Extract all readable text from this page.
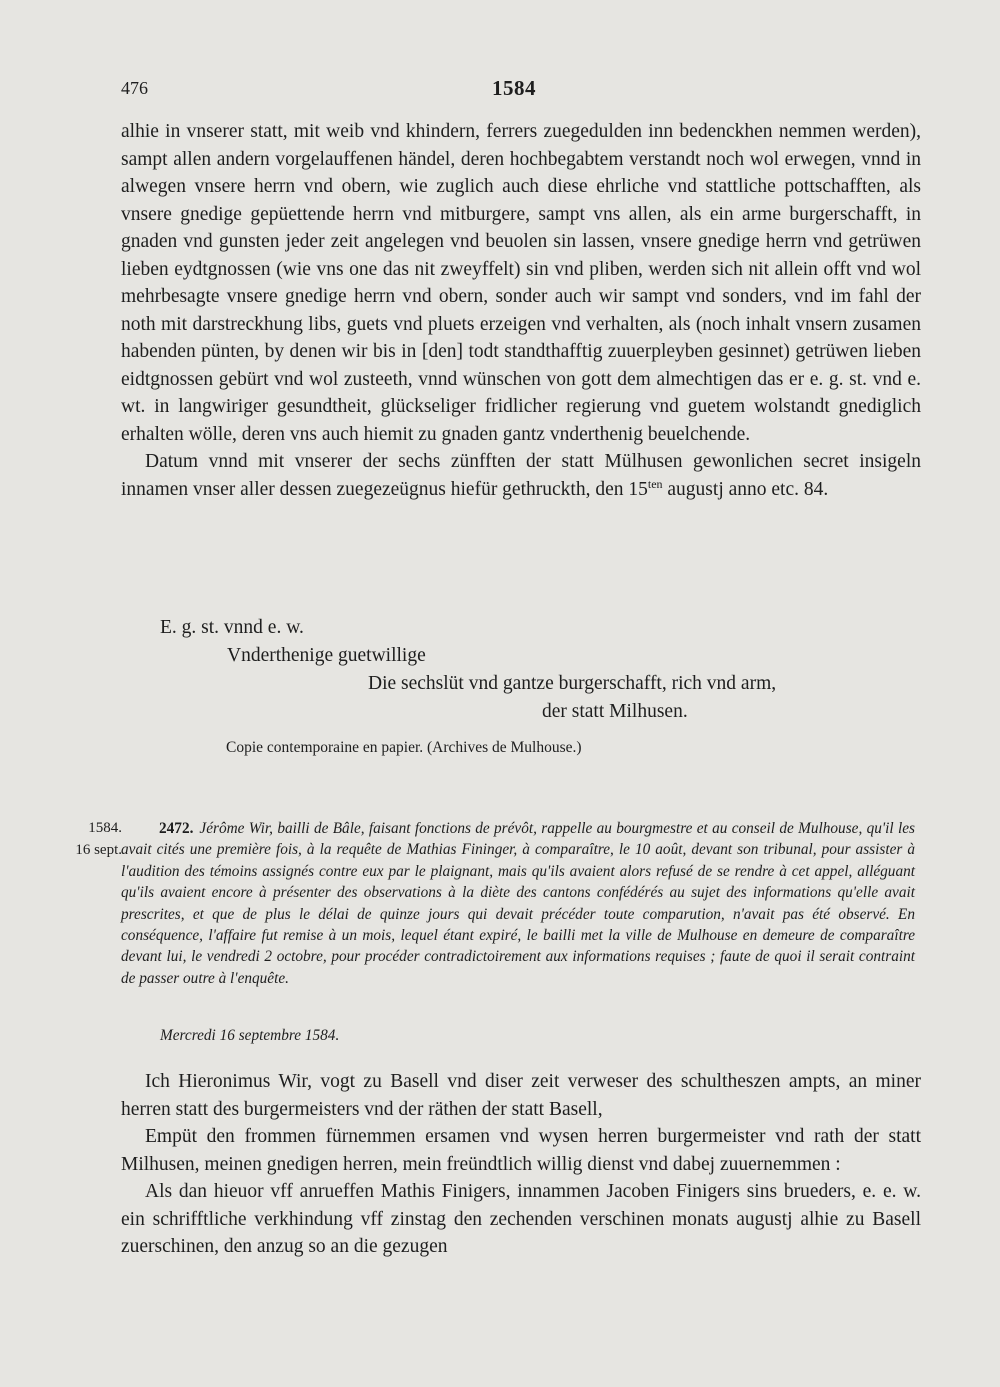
476	1584

alhie in vnserer statt, mit weib vnd khindern, ferrers zuegedulden inn bedenckhen nemmen werden), sampt allen andern vorgelauffenen händel, deren hochbegabtem verstandt noch wol erwegen, vnnd in alwegen vnsere herrn vnd obern, wie zuglich auch diese ehrliche vnd stattliche pottschafften, als vnsere gnedige gepüettende herrn vnd mitburgere, sampt vns allen, als ein arme burgerschafft, in gnaden vnd gunsten jeder zeit angelegen vnd beuolen sin lassen, vnsere gnedige herrn vnd getrüwen lieben eydtgnossen (wie vns one das nit zweyffelt) sin vnd pliben, werden sich nit allein offt vnd wol mehrbesagte vnsere gnedige herrn vnd obern, sonder auch wir sampt vnd sonders, vnd im fahl der noth mit darstreckhung libs, guets vnd pluets erzeigen vnd verhalten, als (noch inhalt vnsern zusamen habenden pünten, by denen wir bis in [den] todt standthafftig zuuerpleyben gesinnet) getrüwen lieben eidtgnossen gebürt vnd wol zusteeth, vnnd wünschen von gott dem almechtigen das er e. g. st. vnd e. wt. in langwiriger gesundtheit, glückseliger fridlicher regierung vnd guetem wolstandt gnediglich erhalten wölle, deren vns auch hiemit zu gnaden gantz vnderthenig beuelchende.

Datum vnnd mit vnserer der sechs zünfften der statt Mülhusen gewonlichen secret insigeln innamen vnser aller dessen zuegezeügnus hiefür gethruckth, den $15^{ten}$ augustj anno etc. 84.

E. g. st. vnnd e. w.
Vnderthenige guetwillige
Die sechslüt vnd gantze burgerschafft, rich vnd arm,
der statt Milhusen.
Copie contemporaine en papier. (Archives de Mulhouse.)
1584.
16 sept.
2472. Jérôme Wir, bailli de Bâle, faisant fonctions de prévôt, rappelle au bourgmestre et au conseil de Mulhouse, qu'il les avait cités une première fois, à la requête de Mathias Fininger, à comparaître, le 10 août, devant son tribunal, pour assister à l'audition des témoins assignés contre eux par le plaignant, mais qu'ils avaient alors refusé de se rendre à cet appel, alléguant qu'ils avaient encore à présenter des observations à la diète des cantons confédérés au sujet des informations qu'elle avait prescrites, et que de plus le délai de quinze jours qui devait précéder toute comparution, n'avait pas été observé. En conséquence, l'affaire fut remise à un mois, lequel étant expiré, le bailli met la ville de Mulhouse en demeure de comparaître devant lui, le vendredi 2 octobre, pour procéder contradictoirement aux informations requises ; faute de quoi il serait contraint de passer outre à l'enquête.
Mercredi 16 septembre 1584.

Ich Hieronimus Wir, vogt zu Basell vnd diser zeit verweser des schultheszen ampts, an miner herren statt des burgermeisters vnd der räthen der statt Basell,

Empüt den frommen fürnemmen ersamen vnd wysen herren burgermeister vnd rath der statt Milhusen, meinen gnedigen herren, mein freündtlich willig dienst vnd dabej zuuernemmen :

Als dan hieuor vff anrueffen Mathis Finigers, innammen Jacoben Finigers sins brueders, e. e. w. ein schrifftliche verkhindung vff zinstag den zechenden verschinen monats augustj alhie zu Basell zuerschinen, den anzug so an die gezugen
